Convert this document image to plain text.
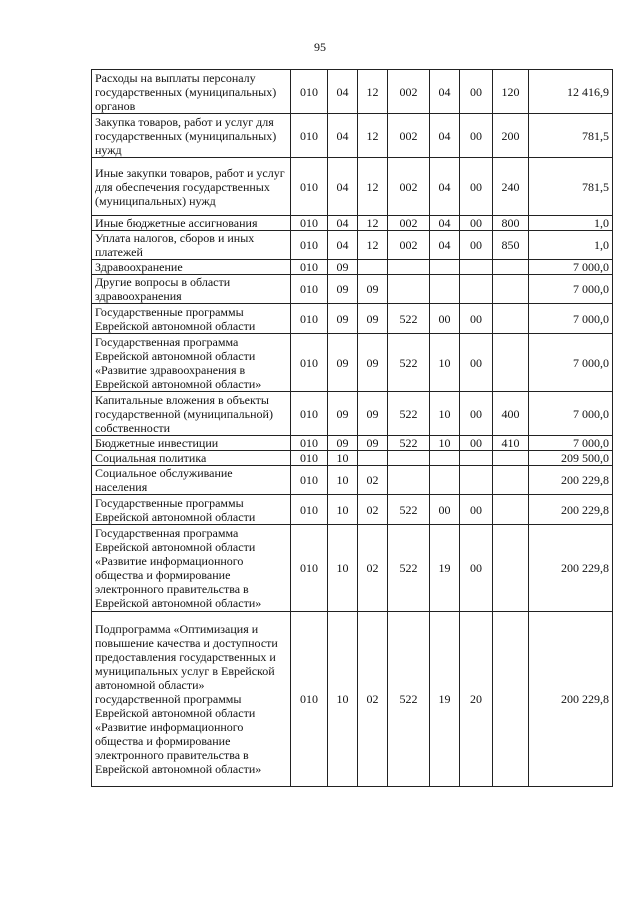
95
Расходы на выплаты персоналу государственных (муниципальных) органов	010	04	12	002	04	00	120	12 416,9
Закупка товаров, работ и услуг для государственных (муниципальных) нужд	010	04	12	002	04	00	200	781,5
Иные закупки товаров, работ и услуг для обеспечения государственных (муниципальных) нужд	010	04	12	002	04	00	240	781,5
Иные бюджетные ассигнования	010	04	12	002	04	00	800	1,0
Уплата налогов, сборов и иных платежей	010	04	12	002	04	00	850	1,0
Здравоохранение	010	09						7 000,0
Другие вопросы в области здравоохранения	010	09	09					7 000,0
Государственные программы Еврейской автономной области	010	09	09	522	00	00		7 000,0
Государственная программа Еврейской автономной области «Развитие здравоохранения в Еврейской автономной области»	010	09	09	522	10	00		7 000,0
Капитальные вложения в объекты государственной (муниципальной) собственности	010	09	09	522	10	00	400	7 000,0
Бюджетные инвестиции	010	09	09	522	10	00	410	7 000,0
Социальная политика	010	10						209 500,0
Социальное обслуживание населения	010	10	02					200 229,8
Государственные программы Еврейской автономной области	010	10	02	522	00	00		200 229,8
Государственная программа Еврейской автономной области «Развитие информационного общества и формирование электронного правительства в Еврейской автономной области»	010	10	02	522	19	00		200 229,8
Подпрограмма «Оптимизация и повышение качества и доступности предоставления государственных и муниципальных услуг в Еврейской автономной области» государственной программы Еврейской автономной области «Развитие информационного общества и формирование электронного правительства в Еврейской автономной области»	010	10	02	522	19	20		200 229,8
